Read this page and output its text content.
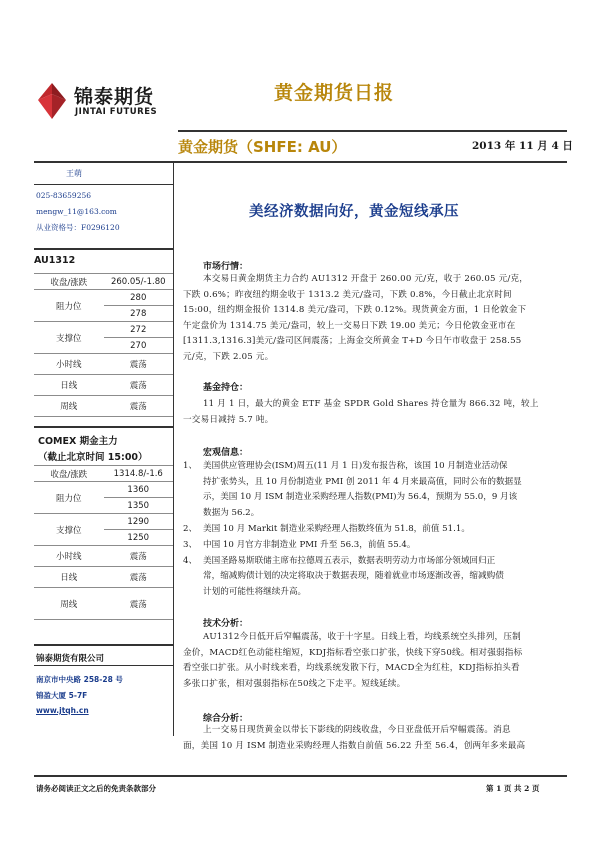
锦泰期货
JINTAI FUTURES
黄金期货日报
黄金期货（SHFE: AU）	2013 年 11 月 4 日
王萌
025-83659256
mengw_11@163.com
从业资格号：F0296120
AU1312
收盘/涨跌	260.05/-1.80
阻力位	280
	278
支撑位	272
	270
小时线	震荡
日线	震荡
周线	震荡
COMEX 期金主力
（截止北京时间 15:00）
收盘/涨跌	1314.8/-1.6
阻力位	1360
	1350
支撑位	1290
	1250
小时线	震荡
日线	震荡
周线	震荡
锦泰期货有限公司
南京市中央路 258-28 号
锦盈大厦 5-7F
www.jtqh.cn
美经济数据向好，黄金短线承压
市场行情：
本交易日黄金期货主力合约 AU1312 开盘于 260.00 元/克，收于 260.05 元/克，
下跌 0.6%；昨夜纽约期金收于 1313.2 美元/盎司，下跌 0.8%，今日截止北京时间
15:00，纽约期金报价 1314.8 美元/盎司，下跌 0.12%。现货黄金方面，1 日伦敦金下
午定盘价为 1314.75 美元/盎司，较上一交易日下跌 19.00 美元；今日伦敦金亚市在
[1311.3,1316.3]美元/盎司区间震荡；上海金交所黄金 T+D 今日午市收盘于 258.55
元/克，下跌 2.05 元。
基金持仓：
11 月 1 日，最大的黄金 ETF 基金 SPDR Gold Shares 持仓量为 866.32 吨，较上
一交易日减持 5.7 吨。
宏观信息：
1、 美国供应管理协会(ISM)周五(11 月 1 日)发布报告称，该国 10 月制造业活动保
持扩张势头，且 10 月份制造业 PMI 创 2011 年 4 月来最高值，同时公布的数据显
示，美国 10 月 ISM 制造业采购经理人指数(PMI)为 56.4，预期为 55.0，9 月该
数据为 56.2。
2、 美国 10 月 Markit 制造业采购经理人指数终值为 51.8，前值 51.1。
3、 中国 10 月官方非制造业 PMI 升至 56.3，前值 55.4。
4、 美国圣路易斯联储主席布拉德周五表示，数据表明劳动力市场部分领域回归正
常，缩减购债计划的决定将取决于数据表现，随着就业市场逐渐改善，缩减购债
计划的可能性将继续升高。
技术分析：
AU1312今日低开后窄幅震荡，收于十字星。日线上看，均线系统空头排列，压制
金价，MACD红色动能柱缩短，KDJ指标看空张口扩张，快线下穿50线。相对强弱指标
看空张口扩张。从小时线来看，均线系统发散下行，MACD全为红柱，KDJ指标拍头看
多张口扩张，相对强弱指标在50线之下走平。短线延续。
综合分析：
上一交易日现货黄金以带长下影线的阴线收盘，今日亚盘低开后窄幅震荡。消息
面，美国 10 月 ISM 制造业采购经理人指数自前值 56.22 升至 56.4，创两年多来最高
请务必阅读正文之后的免责条款部分	第 1 页 共 2 页
